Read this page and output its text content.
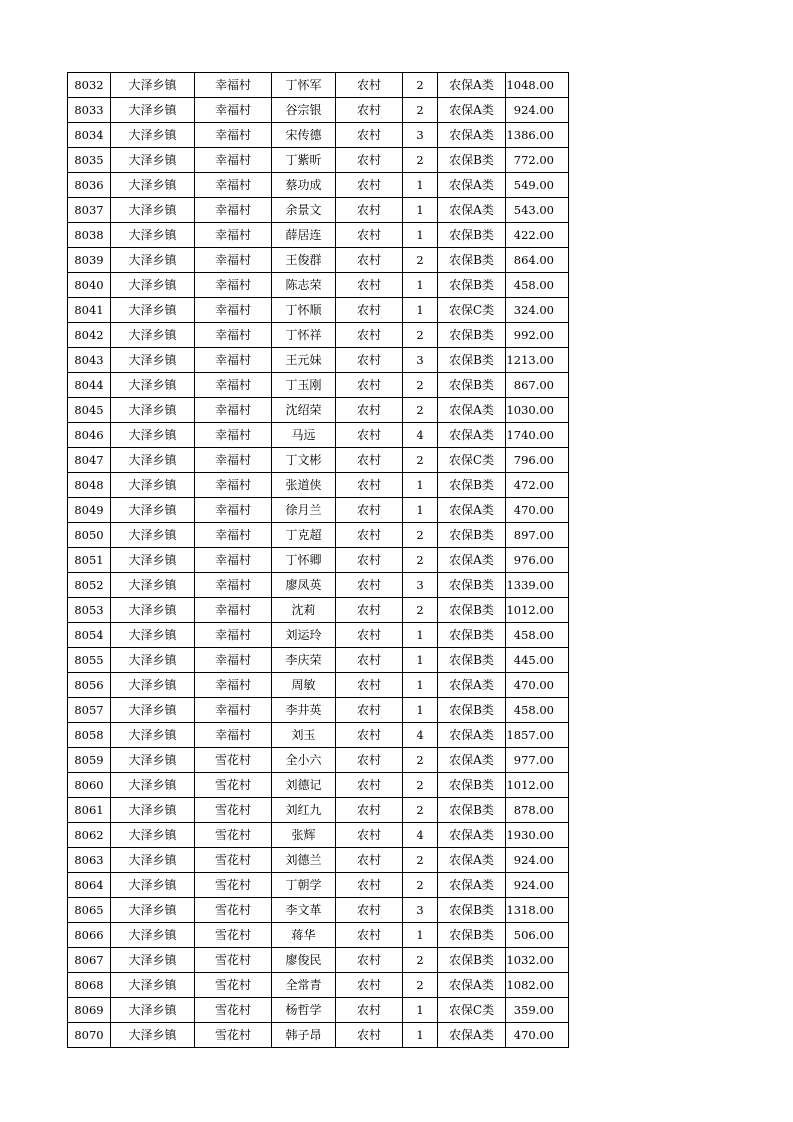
8032	大泽乡镇	幸福村	丁怀军	农村	2	农保A类	1048.00
8033	大泽乡镇	幸福村	谷宗银	农村	2	农保A类	924.00
8034	大泽乡镇	幸福村	宋传德	农村	3	农保A类	1386.00
8035	大泽乡镇	幸福村	丁紫昕	农村	2	农保B类	772.00
8036	大泽乡镇	幸福村	蔡功成	农村	1	农保A类	549.00
8037	大泽乡镇	幸福村	余景文	农村	1	农保A类	543.00
8038	大泽乡镇	幸福村	薛居连	农村	1	农保B类	422.00
8039	大泽乡镇	幸福村	王俊群	农村	2	农保B类	864.00
8040	大泽乡镇	幸福村	陈志荣	农村	1	农保B类	458.00
8041	大泽乡镇	幸福村	丁怀顺	农村	1	农保C类	324.00
8042	大泽乡镇	幸福村	丁怀祥	农村	2	农保B类	992.00
8043	大泽乡镇	幸福村	王元妹	农村	3	农保B类	1213.00
8044	大泽乡镇	幸福村	丁玉刚	农村	2	农保B类	867.00
8045	大泽乡镇	幸福村	沈绍荣	农村	2	农保A类	1030.00
8046	大泽乡镇	幸福村	马远	农村	4	农保A类	1740.00
8047	大泽乡镇	幸福村	丁文彬	农村	2	农保C类	796.00
8048	大泽乡镇	幸福村	张道侠	农村	1	农保B类	472.00
8049	大泽乡镇	幸福村	徐月兰	农村	1	农保A类	470.00
8050	大泽乡镇	幸福村	丁克超	农村	2	农保B类	897.00
8051	大泽乡镇	幸福村	丁怀卿	农村	2	农保A类	976.00
8052	大泽乡镇	幸福村	廖凤英	农村	3	农保B类	1339.00
8053	大泽乡镇	幸福村	沈莉	农村	2	农保B类	1012.00
8054	大泽乡镇	幸福村	刘运玲	农村	1	农保B类	458.00
8055	大泽乡镇	幸福村	李庆荣	农村	1	农保B类	445.00
8056	大泽乡镇	幸福村	周敏	农村	1	农保A类	470.00
8057	大泽乡镇	幸福村	李井英	农村	1	农保B类	458.00
8058	大泽乡镇	幸福村	刘玉	农村	4	农保A类	1857.00
8059	大泽乡镇	雪花村	全小六	农村	2	农保A类	977.00
8060	大泽乡镇	雪花村	刘德记	农村	2	农保B类	1012.00
8061	大泽乡镇	雪花村	刘红九	农村	2	农保B类	878.00
8062	大泽乡镇	雪花村	张辉	农村	4	农保A类	1930.00
8063	大泽乡镇	雪花村	刘德兰	农村	2	农保A类	924.00
8064	大泽乡镇	雪花村	丁朝学	农村	2	农保A类	924.00
8065	大泽乡镇	雪花村	李文革	农村	3	农保B类	1318.00
8066	大泽乡镇	雪花村	蒋华	农村	1	农保B类	506.00
8067	大泽乡镇	雪花村	廖俊民	农村	2	农保B类	1032.00
8068	大泽乡镇	雪花村	全常青	农村	2	农保A类	1082.00
8069	大泽乡镇	雪花村	杨哲学	农村	1	农保C类	359.00
8070	大泽乡镇	雪花村	韩子昂	农村	1	农保A类	470.00
